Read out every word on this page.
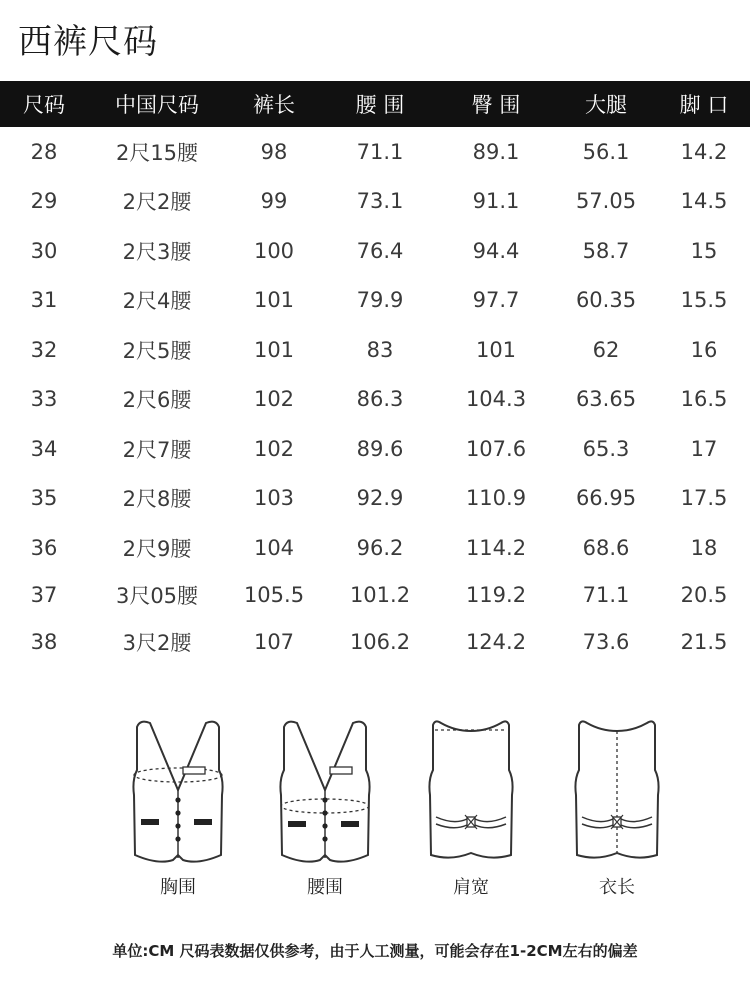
西裤尺码
尺码	中国尺码	裤长	腰 围	臀 围	大腿	脚 口
28	2尺15腰	98	71.1	89.1	56.1	14.2
29	2尺2腰	99	73.1	91.1	57.05	14.5
30	2尺3腰	100	76.4	94.4	58.7	15
31	2尺4腰	101	79.9	97.7	60.35	15.5
32	2尺5腰	101	83	101	62	16
33	2尺6腰	102	86.3	104.3	63.65	16.5
34	2尺7腰	102	89.6	107.6	65.3	17
35	2尺8腰	103	92.9	110.9	66.95	17.5
36	2尺9腰	104	96.2	114.2	68.6	18
37	3尺05腰	105.5	101.2	119.2	71.1	20.5
38	3尺2腰	107	106.2	124.2	73.6	21.5
胸围	腰围	肩宽	衣长
单位:CM 尺码表数据仅供参考，由于人工测量，可能会存在1-2CM左右的偏差
